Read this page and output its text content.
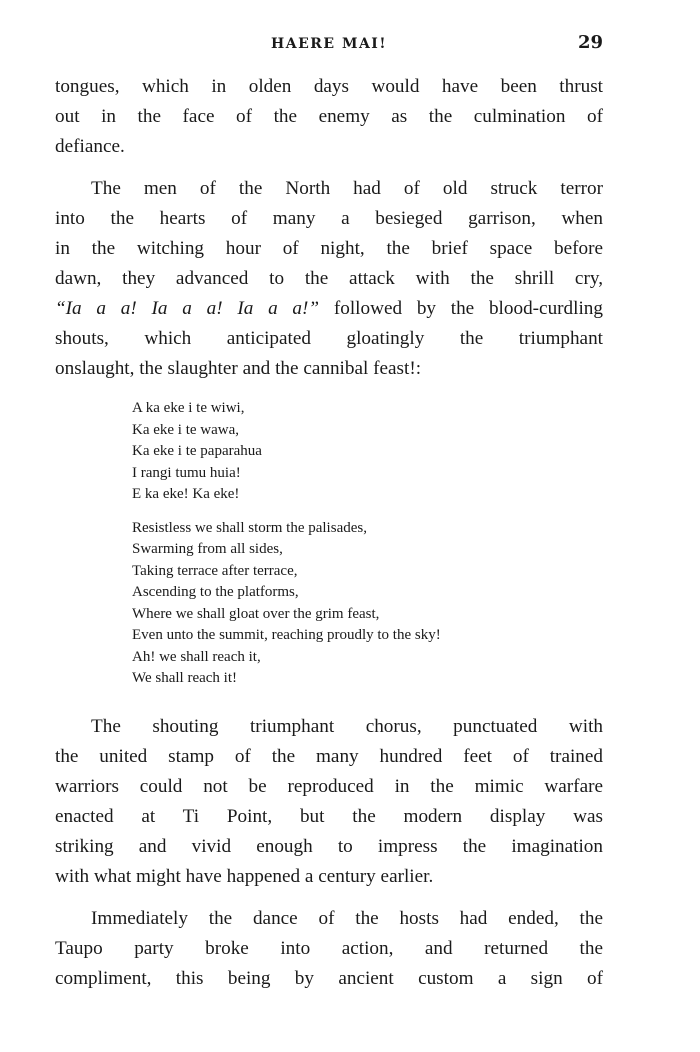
HAERE MAI!	29

tongues, which in olden days would have been thrust
out in the face of the enemy as the culmination of
defiance.

The men of the North had of old struck terror
into the hearts of many a besieged garrison, when
in the witching hour of night, the brief space before
dawn, they advanced to the attack with the shrill cry,
“Ia a a! Ia a a! Ia a a!” followed by the blood-curdling
shouts, which anticipated gloatingly the triumphant
onslaught, the slaughter and the cannibal feast!:

A ka eke i te wiwi,
Ka eke i te wawa,
Ka eke i te paparahua
I rangi tumu huia!
E ka eke! Ka eke!
Resistless we shall storm the palisades,
Swarming from all sides,
Taking terrace after terrace,
Ascending to the platforms,
Where we shall gloat over the grim feast,
Even unto the summit, reaching proudly to the sky!
Ah! we shall reach it,
We shall reach it!

The shouting triumphant chorus, punctuated with
the united stamp of the many hundred feet of trained
warriors could not be reproduced in the mimic warfare
enacted at Ti Point, but the modern display was
striking and vivid enough to impress the imagination
with what might have happened a century earlier.

Immediately the dance of the hosts had ended, the
Taupo party broke into action, and returned the
compliment, this being by ancient custom a sign of
